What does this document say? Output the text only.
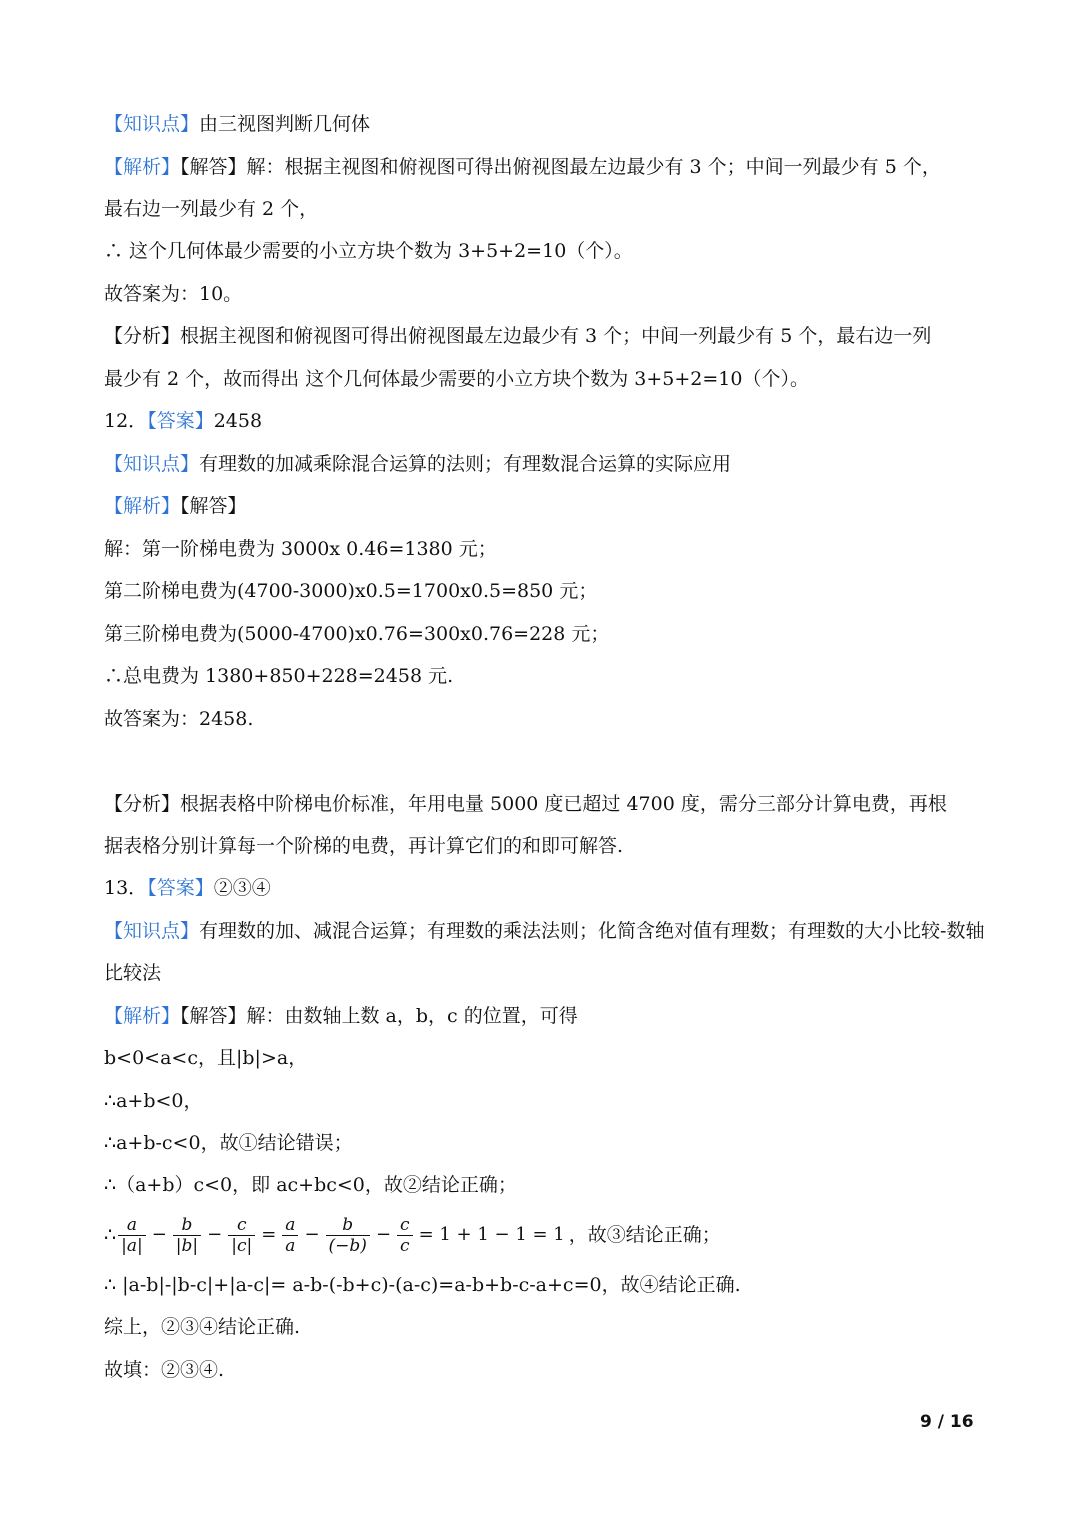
【知识点】由三视图判断几何体
【解析】【解答】解：根据主视图和俯视图可得出俯视图最左边最少有 3 个；中间一列最少有 5 个，
最右边一列最少有 2 个，
∴ 这个几何体最少需要的小立方块个数为 3+5+2=10（个）。
故答案为：10。
【分析】根据主视图和俯视图可得出俯视图最左边最少有 3 个；中间一列最少有 5 个，最右边一列
最少有 2 个，故而得出 这个几何体最少需要的小立方块个数为 3+5+2=10（个）。
12．【答案】2458
【知识点】有理数的加减乘除混合运算的法则；有理数混合运算的实际应用
【解析】【解答】
解：第一阶梯电费为 3000x 0.46=1380 元；
第二阶梯电费为(4700-3000)x0.5=1700x0.5=850 元；
第三阶梯电费为(5000-4700)x0.76=300x0.76=228 元；
∴总电费为 1380+850+228=2458 元.
故答案为：2458.
【分析】根据表格中阶梯电价标准，年用电量 5000 度已超过 4700 度，需分三部分计算电费，再根
据表格分别计算每一个阶梯的电费，再计算它们的和即可解答.
13．【答案】②③④
【知识点】有理数的加、减混合运算；有理数的乘法法则；化简含绝对值有理数；有理数的大小比较-数轴
比较法
【解析】【解答】解：由数轴上数 a，b，c 的位置，可得
b<0<a<c，且|b|>a，
∴a+b<0，
∴a+b-c<0，故①结论错误；
∴（a+b）c<0，即 ac+bc<0，故②结论正确；
∴ $\frac{a}{|a|} - \frac{b}{|b|} - \frac{c}{|c|} = \frac{a}{a} - \frac{b}{(-b)} - \frac{c}{c} = 1 + 1 - 1 = 1$ ，故③结论正确；
∴ |a-b|-|b-c|+|a-c|= a-b-(-b+c)-(a-c)=a-b+b-c-a+c=0，故④结论正确.
综上，②③④结论正确.
故填：②③④.
9 / 16
